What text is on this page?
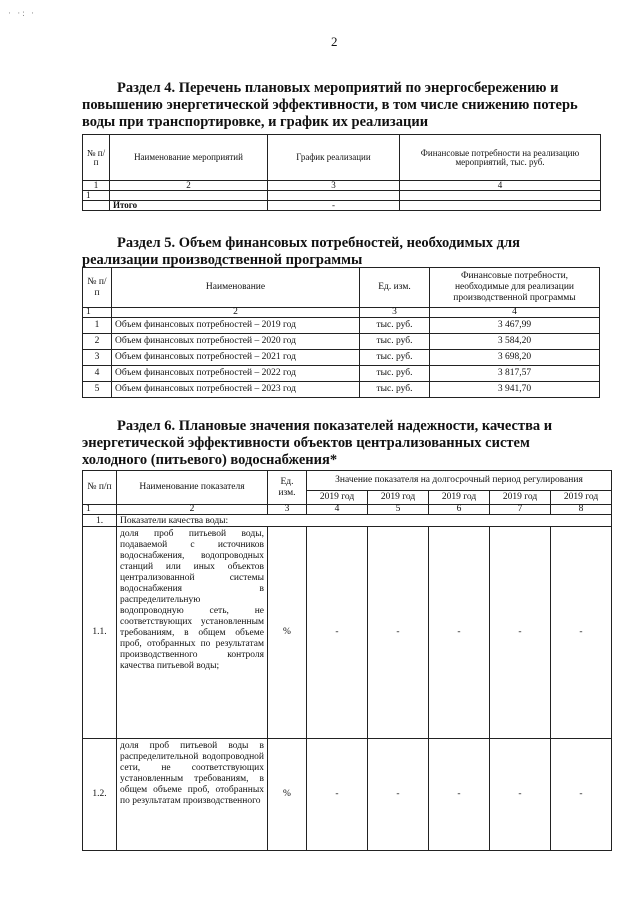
· ·: ·
2
Раздел 4. Перечень плановых мероприятий по энергосбережению и
повышению энергетической эффективности, в том числе снижению потерь
воды при транспортировке, и график их реализации
№ п/п	Наименование мероприятий	График реализации	Финансовые потребности на реализацию мероприятий, тыс. руб.
1	2	3	4
1			
	Итого	-	
Раздел 5. Объем финансовых потребностей, необходимых для
реализации производственной программы
№ п/п	Наименование	Ед. изм.	Финансовые потребности, необходимые для реализации производственной программы
1	2	3	4
1	Объем финансовых потребностей – 2019 год	тыс. руб.	3 467,99
2	Объем финансовых потребностей – 2020 год	тыс. руб.	3 584,20
3	Объем финансовых потребностей – 2021 год	тыс. руб.	3 698,20
4	Объем финансовых потребностей – 2022 год	тыс. руб.	3 817,57
5	Объем финансовых потребностей – 2023 год	тыс. руб.	3 941,70
Раздел 6. Плановые значения показателей надежности, качества и
энергетической эффективности объектов централизованных систем
холодного (питьевого) водоснабжения*
№ п/п	Наименование показателя	Ед. изм.	Значение показателя на долгосрочный период регулирования				
			2019 год	2019 год	2019 год	2019 год	2019 год
1	2	3	4	5	6	7	8
1.	Показатели качества воды:						
1.1.	доля проб питьевой воды, подаваемой с источников водоснабжения, водопроводных станций или иных объектов централизованной системы водоснабжения в распределительную водопроводную сеть, не соответствующих установленным требованиям, в общем объеме проб, отобранных по результатам производственного контроля качества питьевой воды;	%	-	-	-	-	-
1.2.	доля проб питьевой воды в распределительной водопроводной сети, не соответствующих установленным требованиям, в общем объеме проб, отобранных по результатам производственного	%	-	-	-	-	-
